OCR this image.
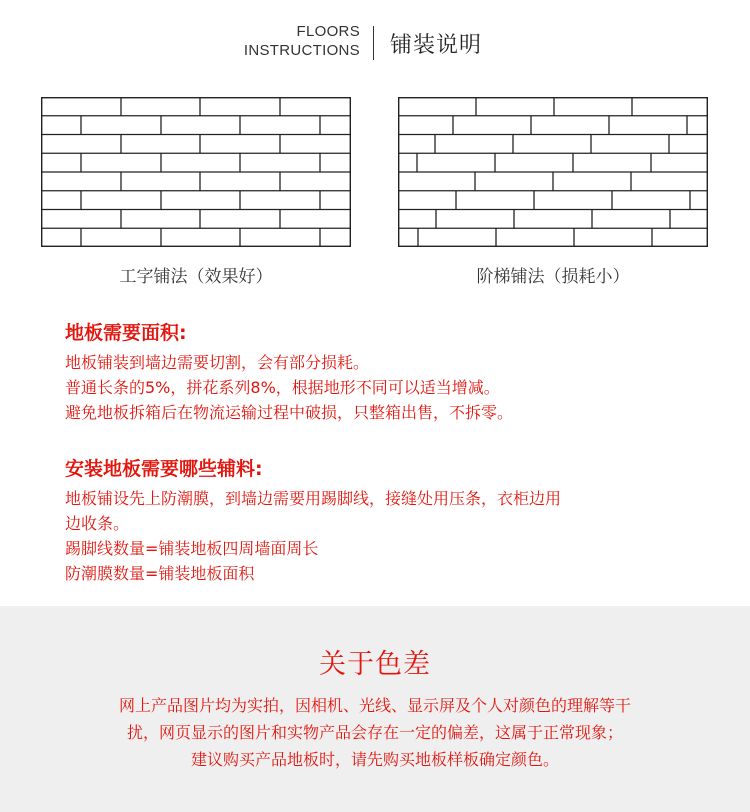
FLOORS
INSTRUCTIONS 铺装说明
工字铺法（效果好）	阶梯铺法（损耗小）
地板需要面积:

地板铺装到墙边需要切割，会有部分损耗。

普通长条的5%，拼花系列8%，根据地形不同可以适当增减。

避免地板拆箱后在物流运输过程中破损，只整箱出售，不拆零。

安装地板需要哪些辅料:

地板铺设先上防潮膜，到墙边需要用踢脚线，接缝处用压条，衣柜边用

边收条。

踢脚线数量=铺装地板四周墙面周长

防潮膜数量=铺装地板面积

关于色差

网上产品图片均为实拍，因相机、光线、显示屏及个人对颜色的理解等干

扰，网页显示的图片和实物产品会存在一定的偏差，这属于正常现象；

建议购买产品地板时，请先购买地板样板确定颜色。
